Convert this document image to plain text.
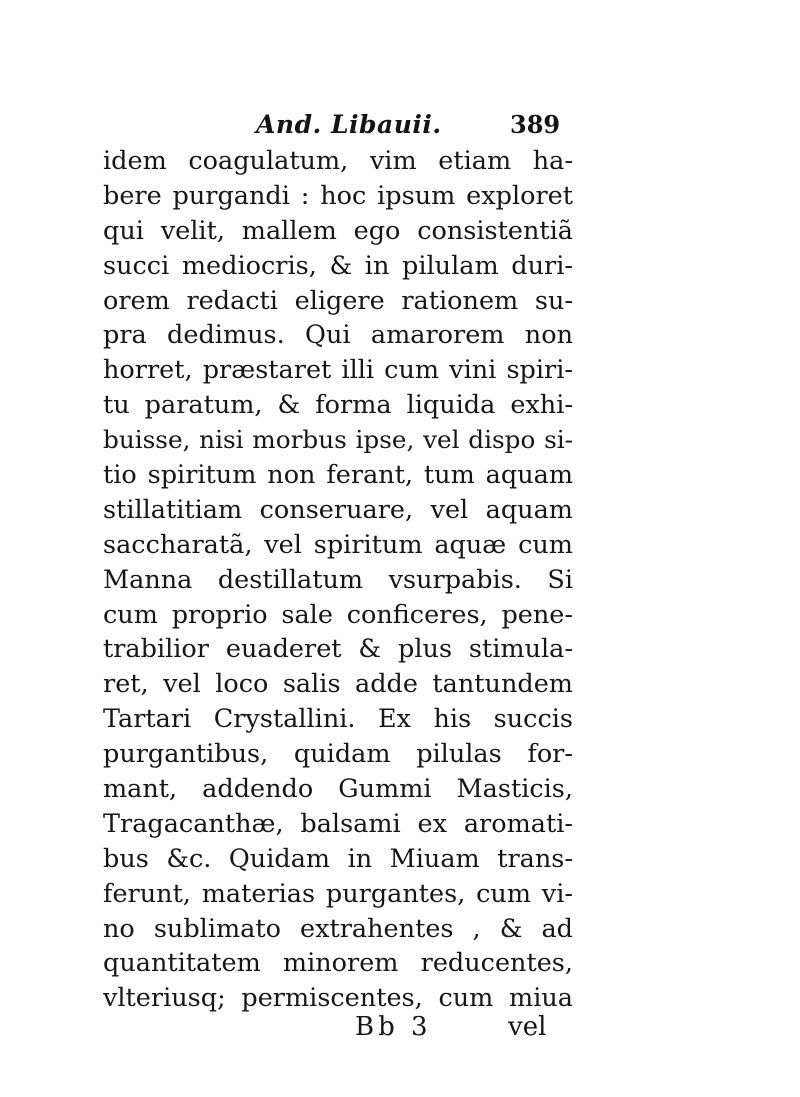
And. Libauii.	389
idem coagulatum, vim etiam ha-
bere purgandi : hoc ipsum exploret
qui velit, mallem ego consistentiã
succi mediocris, & in pilulam duri-
orem redacti eligere rationem su-
pra dedimus. Qui amarorem non
horret, præstaret illi cum vini spiri-
tu paratum, & forma liquida exhi-
buisse, nisi morbus ipse, vel dispo si-
tio spiritum non ferant, tum aquam
stillatitiam conseruare, vel aquam
saccharatã, vel spiritum aquæ cum
Manna destillatum vsurpabis. Si
cum proprio sale conficeres, pene-
trabilior euaderet & plus stimula-
ret, vel loco salis adde tantundem
Tartari Crystallini. Ex his succis
purgantibus, quidam pilulas for-
mant, addendo Gummi Masticis,
Tragacanthæ, balsami ex aromati-
bus &c. Quidam in Miuam trans-
ferunt, materias purgantes, cum vi-
no sublimato extrahentes , & ad
quantitatem minorem reducentes,
vlteriusq; permiscentes, cum miua
Bb 3	vel
